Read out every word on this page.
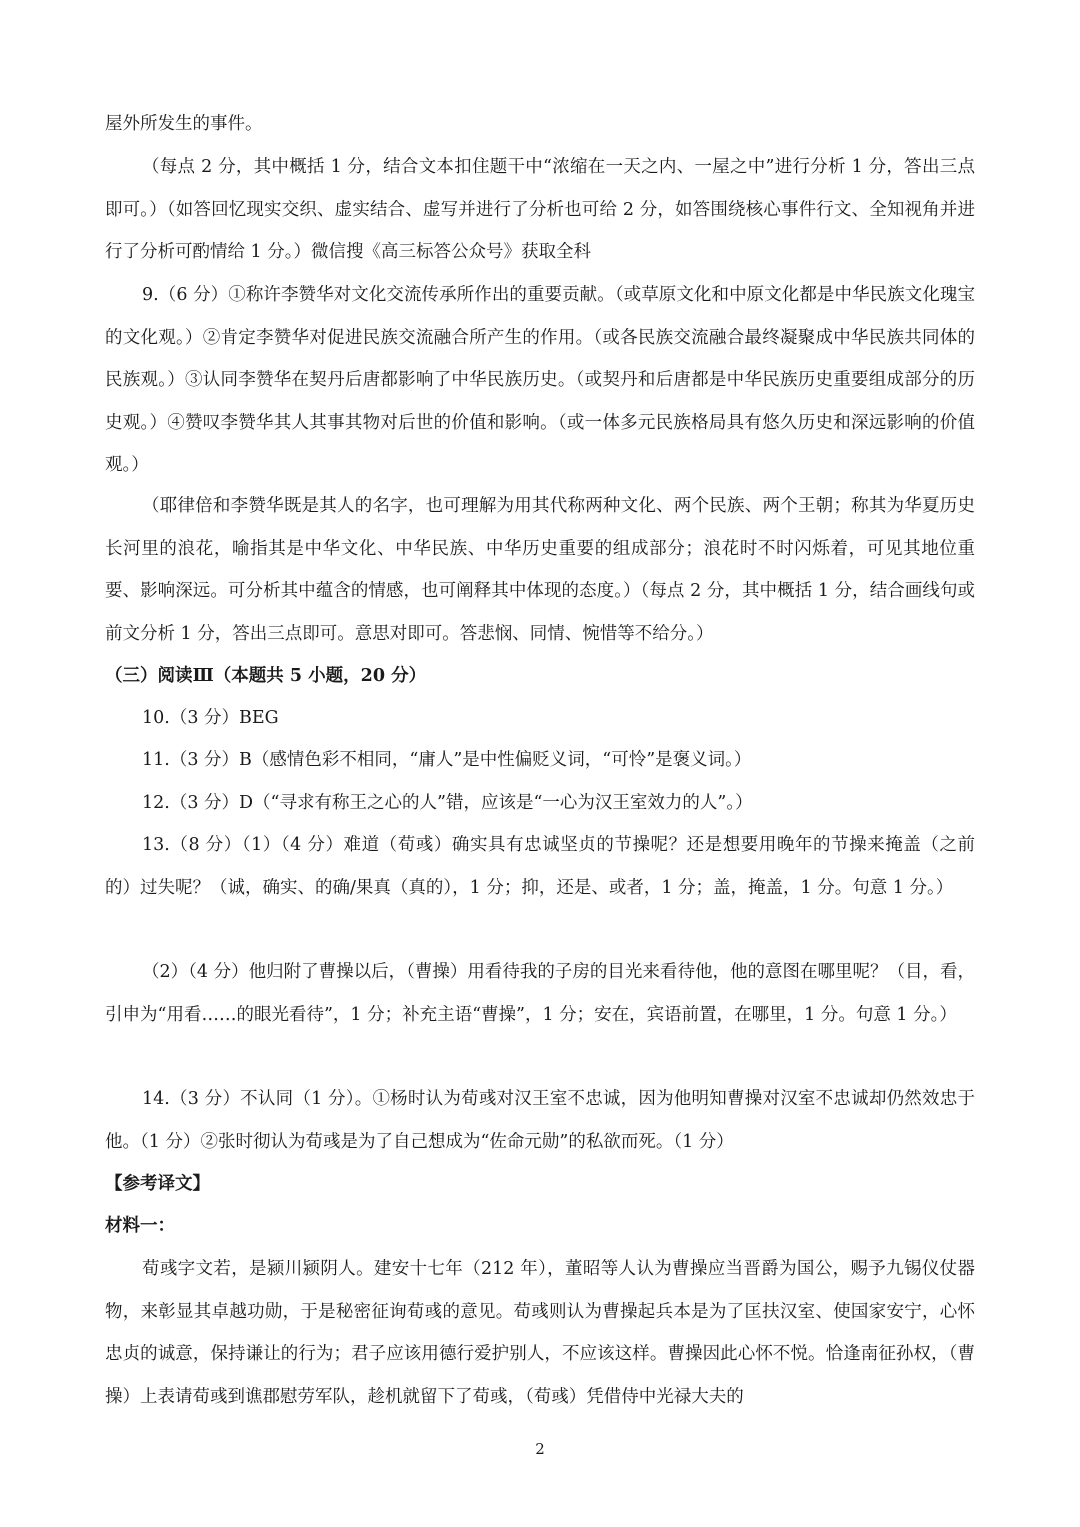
屋外所发生的事件。

（每点 2 分，其中概括 1 分，结合文本扣住题干中“浓缩在一天之内、一屋之中”进行分析 1 分，答出三点即可。）（如答回忆现实交织、虚实结合、虚写并进行了分析也可给 2 分，如答围绕核心事件行文、全知视角并进行了分析可酌情给 1 分。）微信搜《高三标答公众号》获取全科

9.（6 分）①称许李赞华对文化交流传承所作出的重要贡献。（或草原文化和中原文化都是中华民族文化瑰宝的文化观。）②肯定李赞华对促进民族交流融合所产生的作用。（或各民族交流融合最终凝聚成中华民族共同体的民族观。）③认同李赞华在契丹后唐都影响了中华民族历史。（或契丹和后唐都是中华民族历史重要组成部分的历史观。）④赞叹李赞华其人其事其物对后世的价值和影响。（或一体多元民族格局具有悠久历史和深远影响的价值观。）

（耶律倍和李赞华既是其人的名字，也可理解为用其代称两种文化、两个民族、两个王朝；称其为华夏历史长河里的浪花，喻指其是中华文化、中华民族、中华历史重要的组成部分；浪花时不时闪烁着，可见其地位重要、影响深远。可分析其中蕴含的情感，也可阐释其中体现的态度。）（每点 2 分，其中概括 1 分，结合画线句或前文分析 1 分，答出三点即可。意思对即可。答悲悯、同情、惋惜等不给分。）

（三）阅读Ⅲ（本题共 5 小题，20 分）

10.（3 分）BEG

11.（3 分）B（感情色彩不相同，“庸人”是中性偏贬义词，“可怜”是褒义词。）

12.（3 分）D（“寻求有称王之心的人”错，应该是“一心为汉王室效力的人”。）

13.（8 分）（1）（4 分）难道（荀彧）确实具有忠诚坚贞的节操呢？还是想要用晚年的节操来掩盖（之前的）过失呢？（诚，确实、的确/果真（真的），1 分；抑，还是、或者，1 分；盖，掩盖，1 分。句意 1 分。）

（2）（4 分）他归附了曹操以后，（曹操）用看待我的子房的目光来看待他，他的意图在哪里呢？（目，看，引申为“用看……的眼光看待”，1 分；补充主语“曹操”，1 分；安在，宾语前置，在哪里，1 分。句意 1 分。）

14.（3 分）不认同（1 分）。①杨时认为荀彧对汉王室不忠诚，因为他明知曹操对汉室不忠诚却仍然效忠于他。（1 分）②张时彻认为荀彧是为了自己想成为“佐命元勋”的私欲而死。（1 分）

【参考译文】

材料一：

荀彧字文若，是颍川颍阴人。建安十七年（212 年），董昭等人认为曹操应当晋爵为国公，赐予九锡仪仗器物，来彰显其卓越功勋，于是秘密征询荀彧的意见。荀彧则认为曹操起兵本是为了匡扶汉室、使国家安宁，心怀忠贞的诚意，保持谦让的行为；君子应该用德行爱护别人，不应该这样。曹操因此心怀不悦。恰逢南征孙权，（曹操）上表请荀彧到谯郡慰劳军队，趁机就留下了荀彧，（荀彧）凭借侍中光禄大夫的

2
